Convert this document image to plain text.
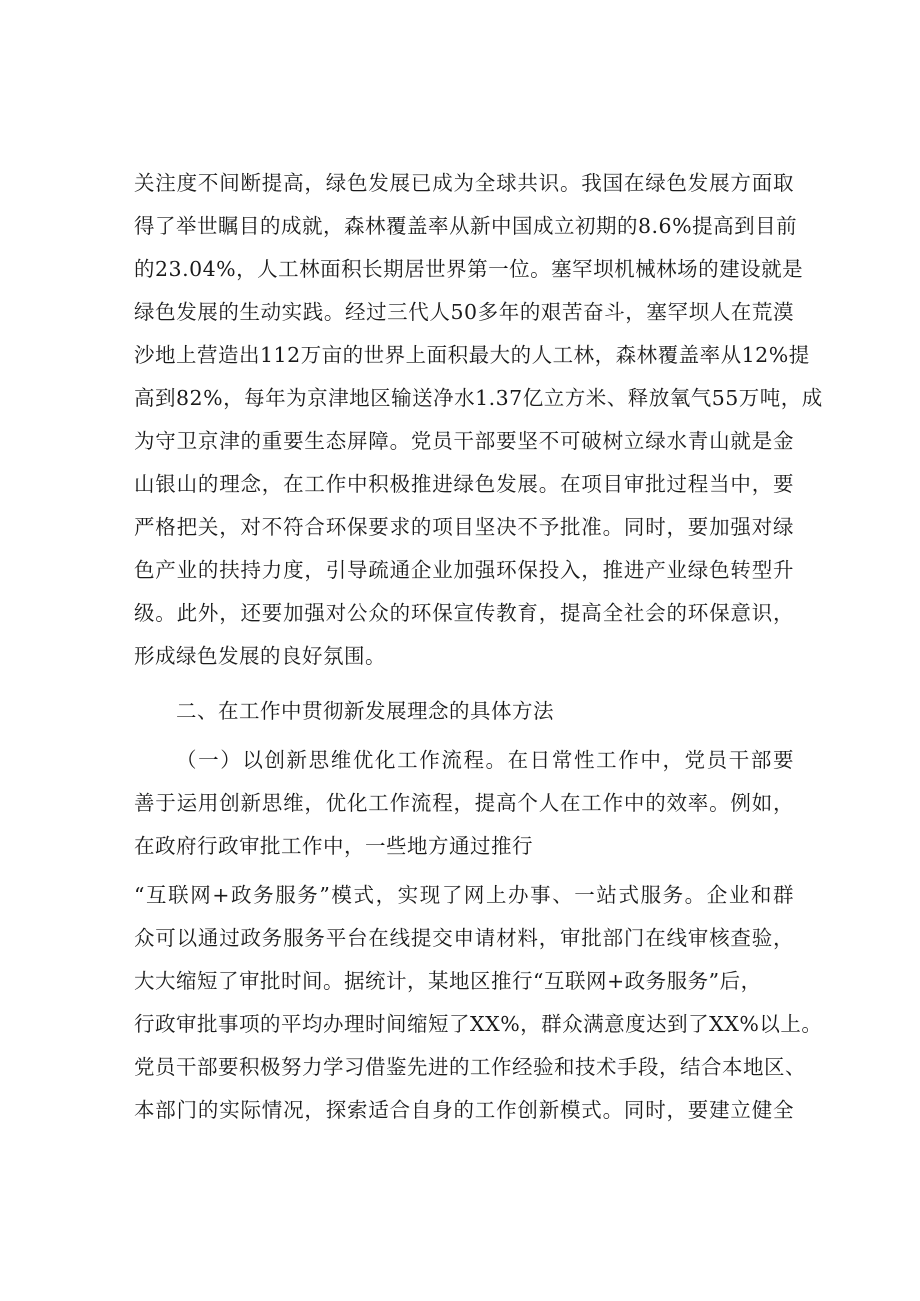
关注度不间断提高，绿色发展已成为全球共识。我国在绿色发展方面取
得了举世瞩目的成就，森林覆盖率从新中国成立初期的8.6%提高到目前
的23.04%，人工林面积长期居世界第一位。塞罕坝机械林场的建设就是
绿色发展的生动实践。经过三代人50多年的艰苦奋斗，塞罕坝人在荒漠
沙地上营造出112万亩的世界上面积最大的人工林，森林覆盖率从12%提
高到82%，每年为京津地区输送净水1.37亿立方米、释放氧气55万吨，成
为守卫京津的重要生态屏障。党员干部要坚不可破树立绿水青山就是金
山银山的理念，在工作中积极推进绿色发展。在项目审批过程当中，要
严格把关，对不符合环保要求的项目坚决不予批准。同时，要加强对绿
色产业的扶持力度，引导疏通企业加强环保投入，推进产业绿色转型升
级。此外，还要加强对公众的环保宣传教育，提高全社会的环保意识，
形成绿色发展的良好氛围。
二、在工作中贯彻新发展理念的具体方法
（一）以创新思维优化工作流程。在日常性工作中，党员干部要
善于运用创新思维，优化工作流程，提高个人在工作中的效率。例如，
在政府行政审批工作中，一些地方通过推行
“互联网+政务服务”模式，实现了网上办事、一站式服务。企业和群
众可以通过政务服务平台在线提交申请材料，审批部门在线审核查验，
大大缩短了审批时间。据统计，某地区推行“互联网+政务服务”后，
行政审批事项的平均办理时间缩短了XX%，群众满意度达到了XX%以上。
党员干部要积极努力学习借鉴先进的工作经验和技术手段，结合本地区、
本部门的实际情况，探索适合自身的工作创新模式。同时，要建立健全
